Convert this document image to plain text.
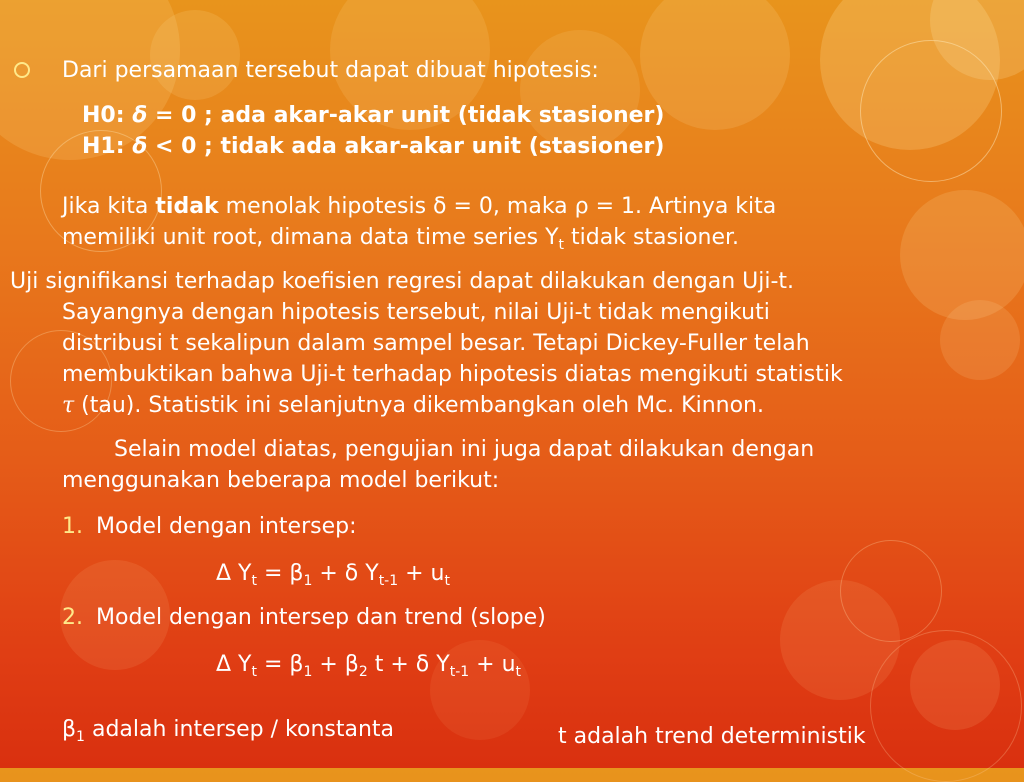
Dari persamaan tersebut dapat dibuat hipotesis:
H0: δ = 0 ; ada akar-akar unit (tidak stasioner)
H1: δ < 0 ; tidak ada akar-akar unit (stasioner)
Jika kita tidak menolak hipotesis δ = 0, maka ρ = 1. Artinya kita
memiliki unit root, dimana data time series $Y_t$ tidak stasioner.
Uji signifikansi terhadap koefisien regresi dapat dilakukan dengan Uji-t.
Sayangnya dengan hipotesis tersebut, nilai Uji-t tidak mengikuti
distribusi t sekalipun dalam sampel besar. Tetapi Dickey-Fuller telah
membuktikan bahwa Uji-t terhadap hipotesis diatas mengikuti statistik
τ (tau). Statistik ini selanjutnya dikembangkan oleh Mc. Kinnon.
Selain model diatas, pengujian ini juga dapat dilakukan dengan
menggunakan beberapa model berikut:
1. Model dengan intersep:
Δ $Y_t = \beta_1 + \delta$ $Y_{t-1} + u_t$
2. Model dengan intersep dan trend (slope)
Δ $Y_t = \beta_1 + \beta_2$ t + δ $Y_{t-1} + u_t$
$\beta_1$ adalah intersep / konstanta	t adalah trend deterministik
